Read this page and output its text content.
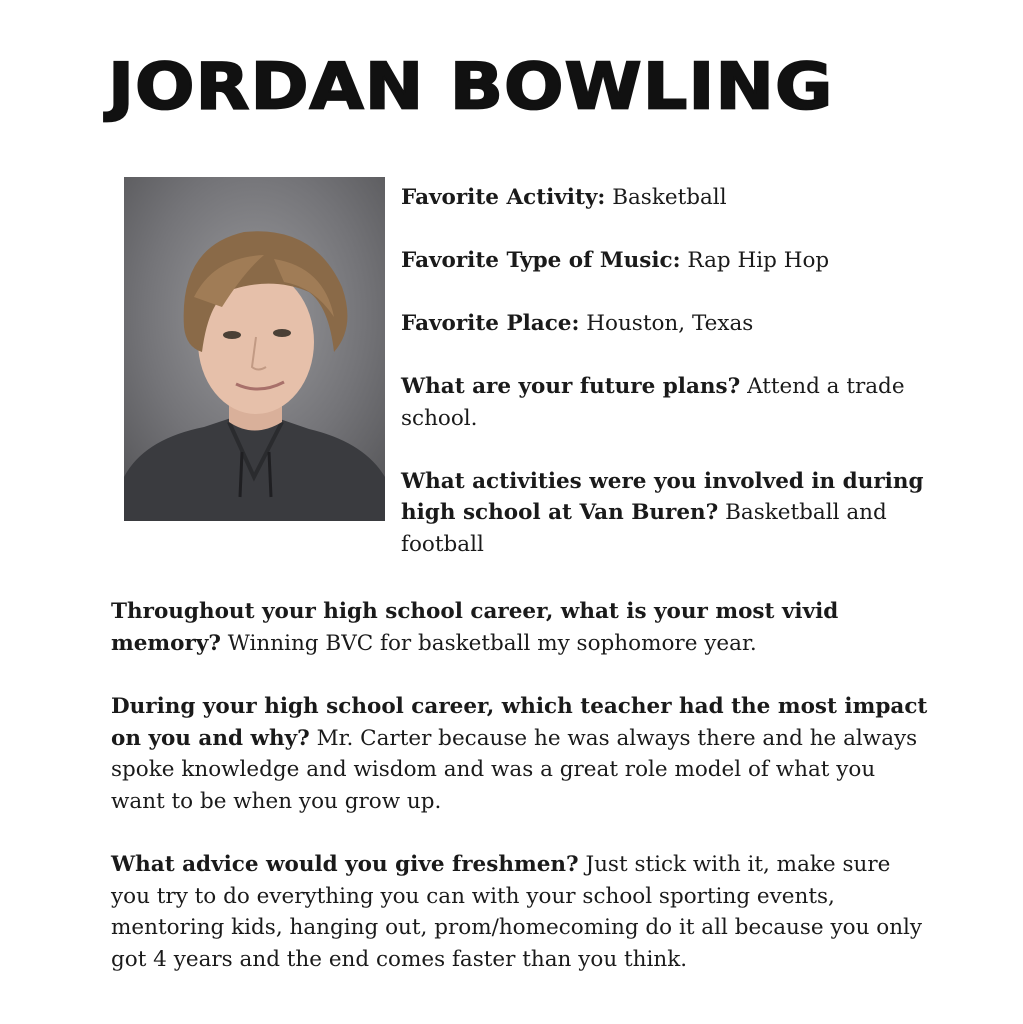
JORDAN BOWLING

Favorite Activity: Basketball

Favorite Type of Music: Rap Hip Hop

Favorite Place: Houston, Texas

What are your future plans? Attend a trade school.

What activities were you involved in during high school at Van Buren? Basketball and football

Throughout your high school career, what is your most vivid memory? Winning BVC for basketball my sophomore year.

During your high school career, which teacher had the most impact on you and why? Mr. Carter because he was always there and he always spoke knowledge and wisdom and was a great role model of what you want to be when you grow up.

What advice would you give freshmen? Just stick with it, make sure you try to do everything you can with your school sporting events, mentoring kids, hanging out, prom/homecoming do it all because you only got 4 years and the end comes faster than you think.
